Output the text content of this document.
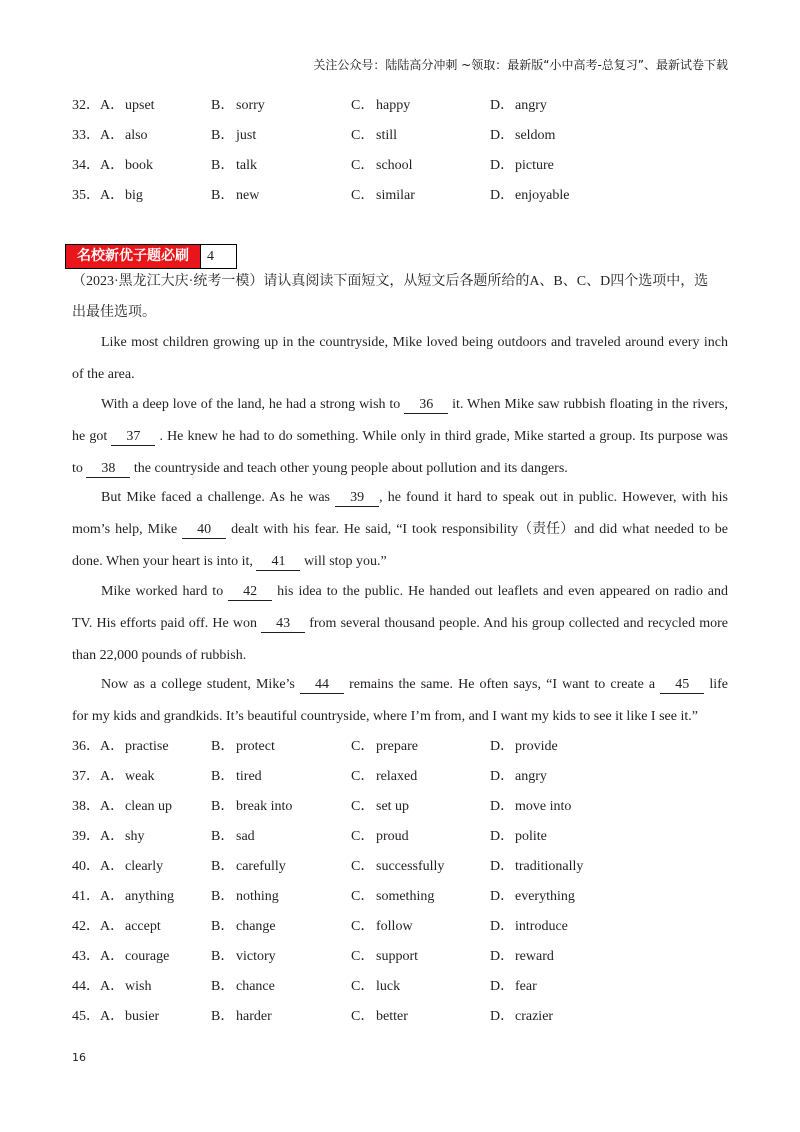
关注公众号：陆陆高分冲刺 ~领取：最新版“小中高考-总复习”、最新试卷下载
32． A．upset	B． sorry	C． happy	D．angry
33． A．also	B． just	C． still	D．seldom
34． A．book	B． talk	C． school	D．picture
35． A．big	B． new	C． similar	D．enjoyable
名校新优子题必刷	4
（2023·黑龙江大庆·统考一模）请认真阅读下面短文，从短文后各题所给的A、B、C、D四个选项中，选
出最佳选项。
Like most children growing up in the countryside, Mike loved being outdoors and traveled around every inch
of the area.
With a deep love of the land, he had a strong wish to 36 it. When Mike saw rubbish floating in the rivers,
he got 37 . He knew he had to do something. While only in third grade, Mike started a group. Its purpose was
to 38 the countryside and teach other young people about pollution and its dangers.
But Mike faced a challenge. As he was 39 , he found it hard to speak out in public. However, with his
mom’s help, Mike 40 dealt with his fear. He said, “I took responsibility（责任）and did what needed to be
done. When your heart is into it, 41 will stop you.”
Mike worked hard to 42 his idea to the public. He handed out leaflets and even appeared on radio and
TV. His efforts paid off. He won 43 from several thousand people. And his group collected and recycled more
than 22,000 pounds of rubbish.
Now as a college student, Mike’s 44 remains the same. He often says, “I want to create a 45 life
for my kids and grandkids. It’s beautiful countryside, where I’m from, and I want my kids to see it like I see it.”
36． A．practise	B． protect	C． prepare	D．provide
37． A．weak	B． tired	C． relaxed	D．angry
38． A．clean up	B． break into	C． set up	D．move into
39． A．shy	B． sad	C． proud	D．polite
40． A．clearly	B． carefully	C． successfully	D．traditionally
41． A．anything	B． nothing	C． something	D．everything
42． A．accept	B． change	C． follow	D．introduce
43． A．courage	B． victory	C． support	D．reward
44． A．wish	B． chance	C． luck	D．fear
45． A．busier	B． harder	C． better	D．crazier
16
